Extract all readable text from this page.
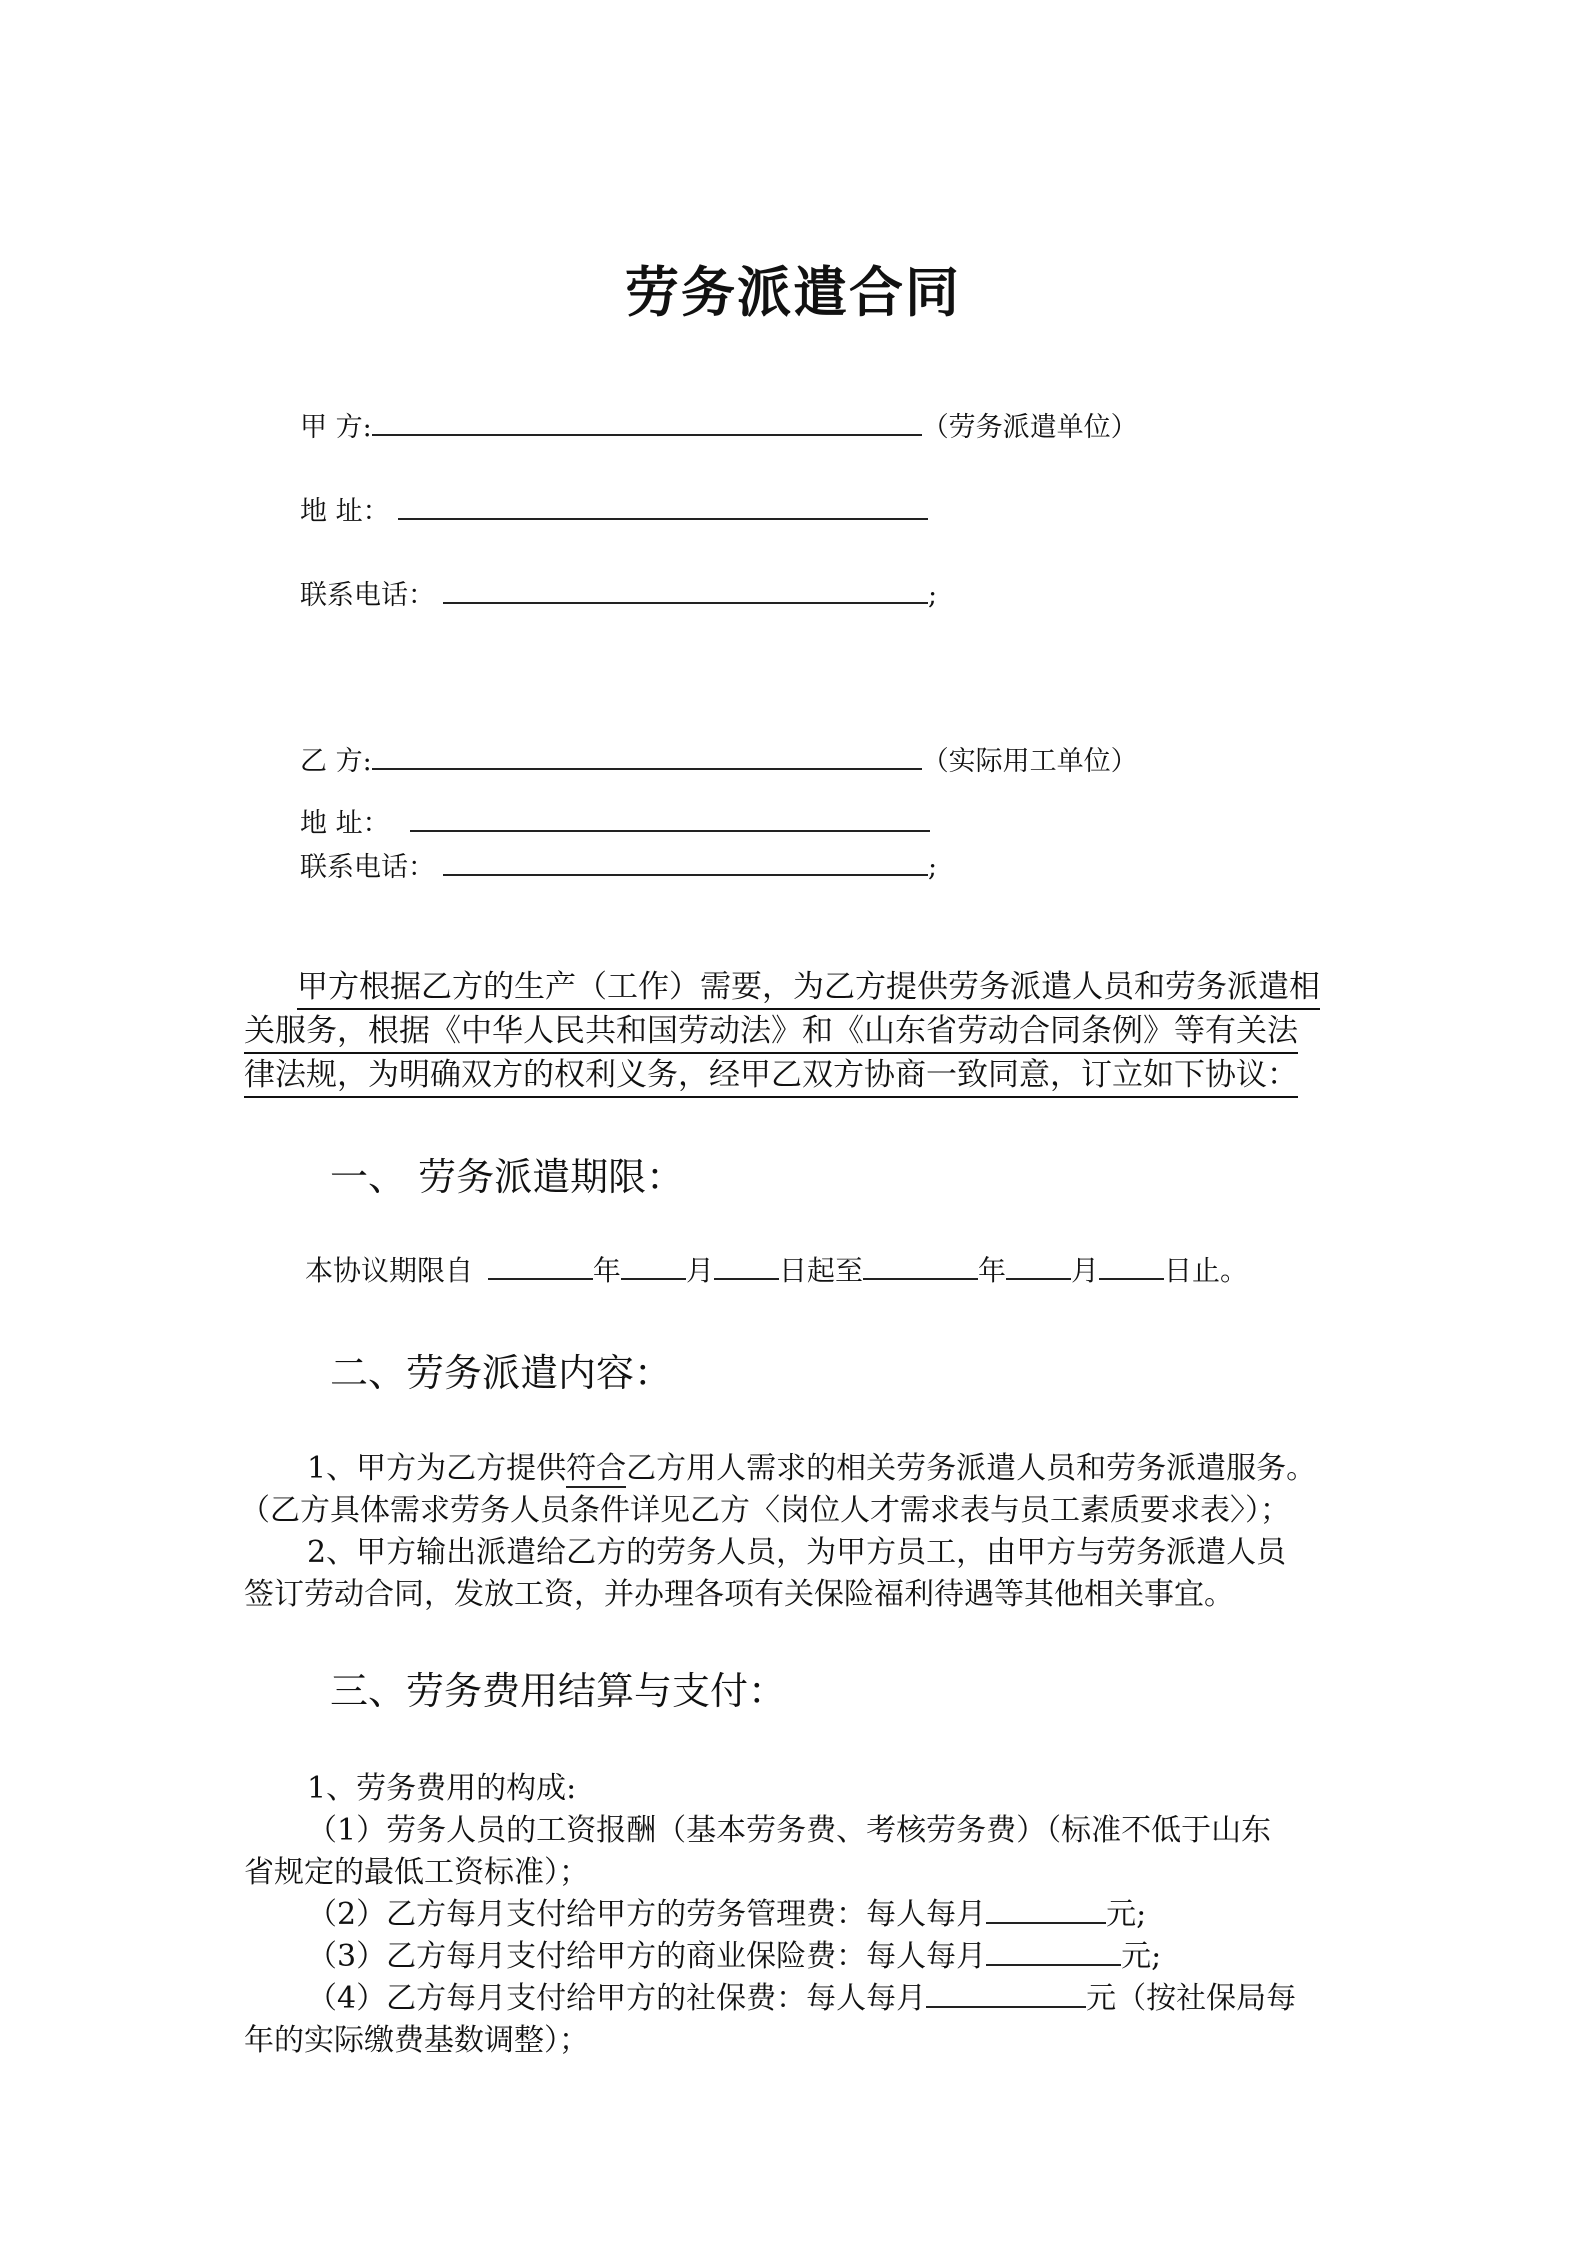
劳务派遣合同
甲 方:	（劳务派遣单位）
地 址：
联系电话：	;
乙 方:	（实际用工单位）
地 址：
联系电话：	;
甲方根据乙方的生产（工作）需要，为乙方提供劳务派遣人员和劳务派遣相
关服务，根据《中华人民共和国劳动法》和《山东省劳动合同条例》等有关法
律法规，为明确双方的权利义务，经甲乙双方协商一致同意，订立如下协议：
一、 劳务派遣期限：
本协议期限自	年 月 日起至	年 月 日止。
二、劳务派遣内容：
1、甲方为乙方提供符合乙方用人需求的相关劳务派遣人员和劳务派遣服务。
（乙方具体需求劳务人员条件详见乙方〈岗位人才需求表与员工素质要求表〉）；
2、甲方输出派遣给乙方的劳务人员，为甲方员工，由甲方与劳务派遣人员
签订劳动合同，发放工资，并办理各项有关保险福利待遇等其他相关事宜。
三、劳务费用结算与支付：
1、劳务费用的构成:
（1）劳务人员的工资报酬（基本劳务费、考核劳务费）（标准不低于山东
省规定的最低工资标准）；
（2）乙方每月支付给甲方的劳务管理费：每人每月	元;
（3）乙方每月支付给甲方的商业保险费：每人每月	元;
（4）乙方每月支付给甲方的社保费：每人每月	元（按社保局每
年的实际缴费基数调整）；
